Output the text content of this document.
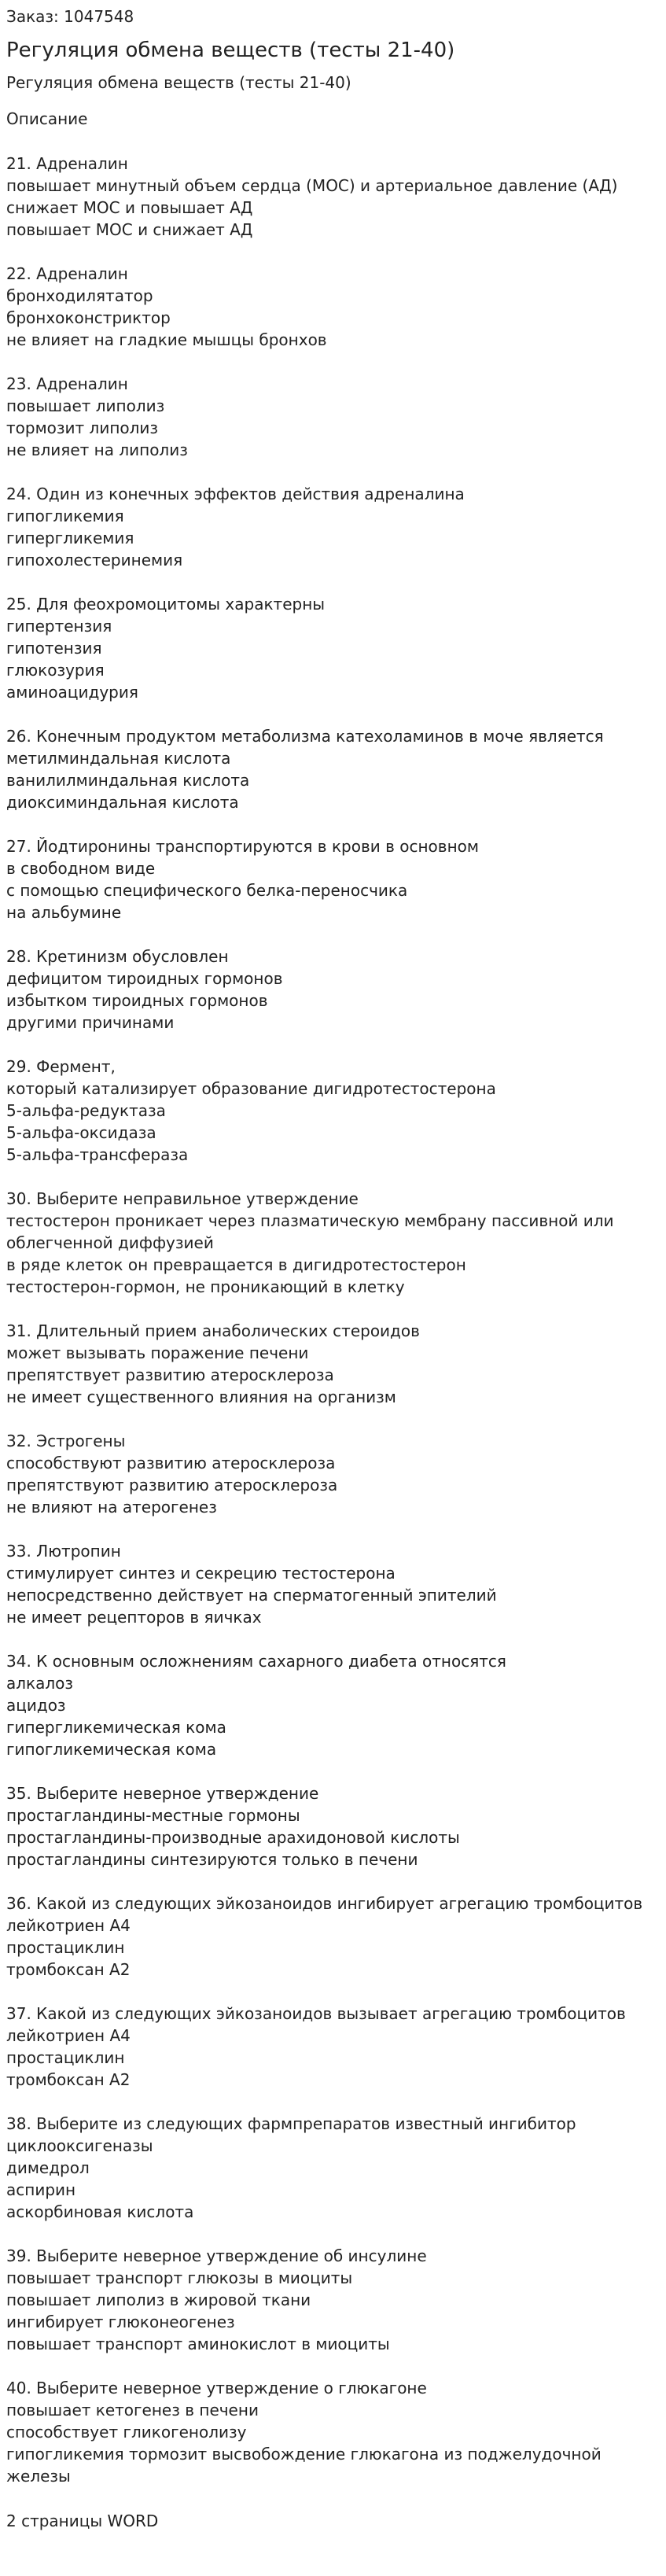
Заказ: 1047548

Регуляция обмена веществ (тесты 21-40)

Регуляция обмена веществ (тесты 21-40)

Описание

21. Адреналин
повышает минутный объем сердца (МОС) и артериальное давление (АД)
снижает МОС и повышает АД
повышает МОС и снижает АД
22. Адреналин
бронходилятатор
бронхоконстриктор
не влияет на гладкие мышцы бронхов
23. Адреналин
повышает липолиз
тормозит липолиз
не влияет на липолиз
24. Один из конечных эффектов действия адреналина
гипогликемия
гипергликемия
гипохолестеринемия
25. Для феохромоцитомы характерны
гипертензия
гипотензия
глюкозурия
аминоацидурия
26. Конечным продуктом метаболизма катехоламинов в моче является
метилминдальная кислота
ванилилминдальная кислота
диоксиминдальная кислота
27. Йодтиронины транспортируются в крови в основном
в свободном виде
с помощью специфического белка-переносчика
на альбумине
28. Кретинизм обусловлен
дефицитом тироидных гормонов
избытком тироидных гормонов
другими причинами
29. Фермент,
который катализирует образование дигидротестостерона
5-альфа-редуктаза
5-альфа-оксидаза
5-альфа-трансфераза
30. Выберите неправильное утверждение
тестостерон проникает через плазматическую мембрану пассивной или облегченной диффузией
в ряде клеток он превращается в дигидротестостерон
тестостерон-гормон, не проникающий в клетку
31. Длительный прием анаболических стероидов
может вызывать поражение печени
препятствует развитию атеросклероза
не имеет существенного влияния на организм
32. Эстрогены
способствуют развитию атеросклероза
препятствуют развитию атеросклероза
не влияют на атерогенез
33. Лютропин
стимулирует синтез и секрецию тестостерона
непосредственно действует на сперматогенный эпителий
не имеет рецепторов в яичках
34. К основным осложнениям сахарного диабета относятся
алкалоз
ацидоз
гипергликемическая кома
гипогликемическая кома
35. Выберите неверное утверждение
простагландины-местные гормоны
простагландины-производные арахидоновой кислоты
простагландины синтезируются только в печени
36. Какой из следующих эйкозаноидов ингибирует агрегацию тромбоцитов
лейкотриен А4
простациклин
тромбоксан А2
37. Какой из следующих эйкозаноидов вызывает агрегацию тромбоцитов
лейкотриен А4
простациклин
тромбоксан А2
38. Выберите из следующих фармпрепаратов известный ингибитор циклооксигеназы
димедрол
аспирин
аскорбиновая кислота
39. Выберите неверное утверждение об инсулине
повышает транспорт глюкозы в миоциты
повышает липолиз в жировой ткани
ингибирует глюконеогенез
повышает транспорт аминокислот в миоциты
40. Выберите неверное утверждение о глюкагоне
повышает кетогенез в печени
способствует гликогенолизу
гипогликемия тормозит высвобождение глюкагона из поджелудочной железы

2 страницы WORD
